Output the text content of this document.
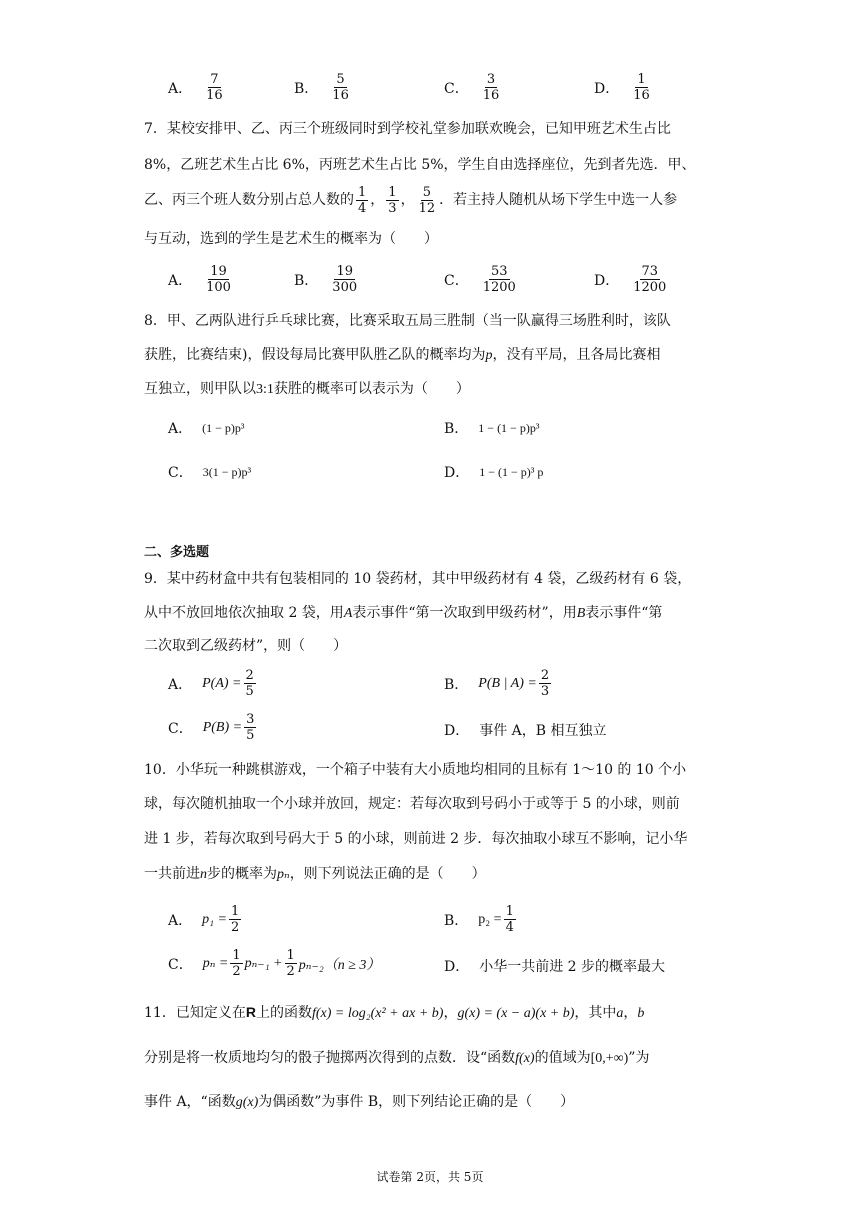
A． $\frac{7}{16}$	B． $\frac{5}{16}$	C． $\frac{3}{16}$	D． $\frac{1}{16}$
7．某校安排甲、乙、丙三个班级同时到学校礼堂参加联欢晚会，已知甲班艺术生占比
8%，乙班艺术生占比 6%，丙班艺术生占比 5%，学生自由选择座位，先到者先选．甲、
乙、丙三个班人数分别占总人数的 $\frac{1}{4}$ ， $\frac{1}{3}$ ， $\frac{5}{12}$ ．若主持人随机从场下学生中选一人参
与互动，选到的学生是艺术生的概率为（　　）
A． $\frac{19}{100}$	B． $\frac{19}{300}$	C． $\frac{53}{1200}$	D． $\frac{73}{1200}$
8．甲、乙两队进行乒乓球比赛，比赛采取五局三胜制（当一队赢得三场胜利时，该队
获胜，比赛结束)，假设每局比赛甲队胜乙队的概率均为p，没有平局，且各局比赛相
互独立，则甲队以3:1获胜的概率可以表示为（　　）
A． (1 − p)p³	B． 1 − (1 − p)p³
C． 3(1 − p)p³	D． 1 − (1 − p)³ p
二、多选题
9．某中药材盒中共有包装相同的 10 袋药材，其中甲级药材有 4 袋，乙级药材有 6 袋，
从中不放回地依次抽取 2 袋，用A表示事件“第一次取到甲级药材”，用B表示事件“第
二次取到乙级药材”，则（　　）
A． $P(A) = \frac{2}{5}$	B． P(B | $A) = \frac{2}{3}$
C． $P(B) = \frac{3}{5}$	D． 事件 A，B 相互独立
10．小华玩一种跳棋游戏，一个箱子中装有大小质地均相同的且标有 1～10 的 10 个小
球，每次随机抽取一个小球并放回，规定：若每次取到号码小于或等于 5 的小球，则前
进 1 步，若每次取到号码大于 5 的小球，则前进 2 步．每次抽取小球互不影响，记小华
一共前进n步的概率为pₙ，则下列说法正确的是（　　）
A． $p_1 = \frac{1}{2}$	B． $p_2 = \frac{1}{4}$
C． $p_n = \frac{1}{2} p_{n-1} + \frac{1}{2} p_{n-2}(n \ge 3)$	D． 小华一共前进 2 步的概率最大
11．已知定义在R上的函数f(x) = log₂(x² + ax + b)，g(x) = (x − a)(x + b)，其中a，b
分别是将一枚质地均匀的骰子抛掷两次得到的点数．设“函数f(x)的值域为[0,+∞)”为
事件 A，“函数g(x)为偶函数”为事件 B，则下列结论正确的是（　　）
试卷第 2页，共 5页
